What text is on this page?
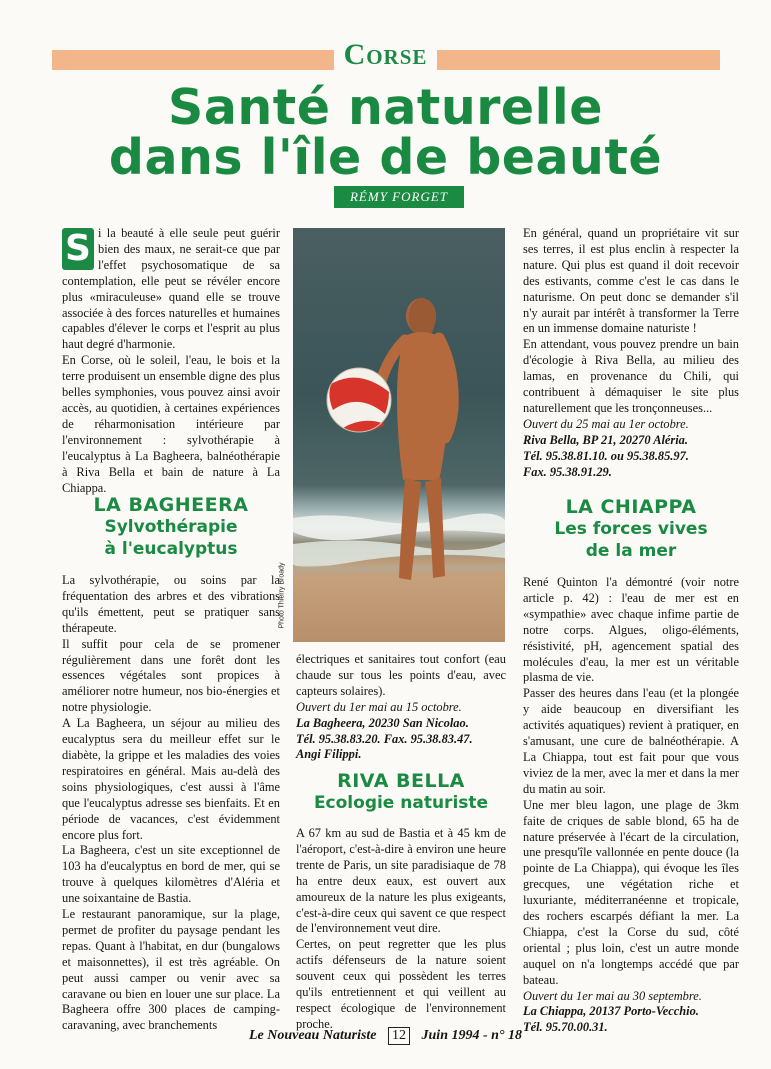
Corse
Santé naturelle
dans l'île de beauté
RÉMY FORGET

S i la beauté à elle seule peut guérir bien des maux, ne serait-ce que par l'effet psychosomatique de sa contemplation, elle peut se révéler encore plus «miraculeuse» quand elle se trouve associée à des forces naturelles et humaines capables d'élever le corps et l'esprit au plus haut degré d'harmonie.

En Corse, où le soleil, l'eau, le bois et la terre produisent un ensemble digne des plus belles symphonies, vous pouvez ainsi avoir accès, au quotidien, à certaines expériences de réharmonisation intérieure par l'environnement : sylvothérapie à l'eucalyptus à La Bagheera, balnéothérapie à Riva Bella et bain de nature à La Chiappa.

LA BAGHEERA
Sylvothérapie
à l'eucalyptus

La sylvothérapie, ou soins par la fréquentation des arbres et des vibrations qu'ils émettent, peut se pratiquer sans thérapeute.

Il suffit pour cela de se promener régulièrement dans une forêt dont les essences végétales sont propices à améliorer notre humeur, nos bio-énergies et notre physiologie.

A La Bagheera, un séjour au milieu des eucalyptus sera du meilleur effet sur le diabète, la grippe et les maladies des voies respiratoires en général. Mais au-delà des soins physiologiques, c'est aussi à l'âme que l'eucalyptus adresse ses bienfaits. Et en période de vacances, c'est évidemment encore plus fort.

La Bagheera, c'est un site exceptionnel de 103 ha d'eucalyptus en bord de mer, qui se trouve à quelques kilomètres d'Aléria et une soixantaine de Bastia.

Le restaurant panoramique, sur la plage, permet de profiter du paysage pendant les repas. Quant à l'habitat, en dur (bungalows et maisonnettes), il est très agréable. On peut aussi camper ou venir avec sa caravane ou bien en louer une sur place. La Bagheera offre 300 places de camping-caravaning, avec branchements

Photo Thierry Broady

électriques et sanitaires tout confort (eau chaude sur tous les points d'eau, avec capteurs solaires).

Ouvert du 1er mai au 15 octobre.

La Bagheera, 20230 San Nicolao.

Tél. 95.38.83.20. Fax. 95.38.83.47.

Angi Filippi.

RIVA BELLA
Ecologie naturiste

A 67 km au sud de Bastia et à 45 km de l'aéroport, c'est-à-dire à environ une heure trente de Paris, un site paradisiaque de 78 ha entre deux eaux, est ouvert aux amoureux de la nature les plus exigeants, c'est-à-dire ceux qui savent ce que respect de l'environnement veut dire.

Certes, on peut regretter que les plus actifs défenseurs de la nature soient souvent ceux qui possèdent les terres qu'ils entretiennent et qui veillent au respect écologique de l'environnement proche.

En général, quand un propriétaire vit sur ses terres, il est plus enclin à respecter la nature. Qui plus est quand il doit recevoir des estivants, comme c'est le cas dans le naturisme. On peut donc se demander s'il n'y aurait par intérêt à transformer la Terre en un immense domaine naturiste !

En attendant, vous pouvez prendre un bain d'écologie à Riva Bella, au milieu des lamas, en provenance du Chili, qui contribuent à démaquiser le site plus naturellement que les tronçonneuses...

Ouvert du 25 mai au 1er octobre.

Riva Bella, BP 21, 20270 Aléria.

Tél. 95.38.81.10. ou 95.38.85.97.

Fax. 95.38.91.29.

LA CHIAPPA
Les forces vives
de la mer

René Quinton l'a démontré (voir notre article p. 42) : l'eau de mer est en «sympathie» avec chaque infime partie de notre corps. Algues, oligo-éléments, résistivité, pH, agencement spatial des molécules d'eau, la mer est un véritable plasma de vie.

Passer des heures dans l'eau (et la plongée y aide beaucoup en diversifiant les activités aquatiques) revient à pratiquer, en s'amusant, une cure de balnéothérapie. A La Chiappa, tout est fait pour que vous viviez de la mer, avec la mer et dans la mer du matin au soir.

Une mer bleu lagon, une plage de 3km faite de criques de sable blond, 65 ha de nature préservée à l'écart de la circulation, une presqu'île vallonnée en pente douce (la pointe de La Chiappa), qui évoque les îles grecques, une végétation riche et luxuriante, méditerranéenne et tropicale, des rochers escarpés défiant la mer. La Chiappa, c'est la Corse du sud, côté oriental ; plus loin, c'est un autre monde auquel on n'a longtemps accédé que par bateau.

Ouvert du 1er mai au 30 septembre.

La Chiappa, 20137 Porto-Vecchio.

Tél. 95.70.00.31.

Le Nouveau Naturiste 12 Juin 1994 - n° 18
